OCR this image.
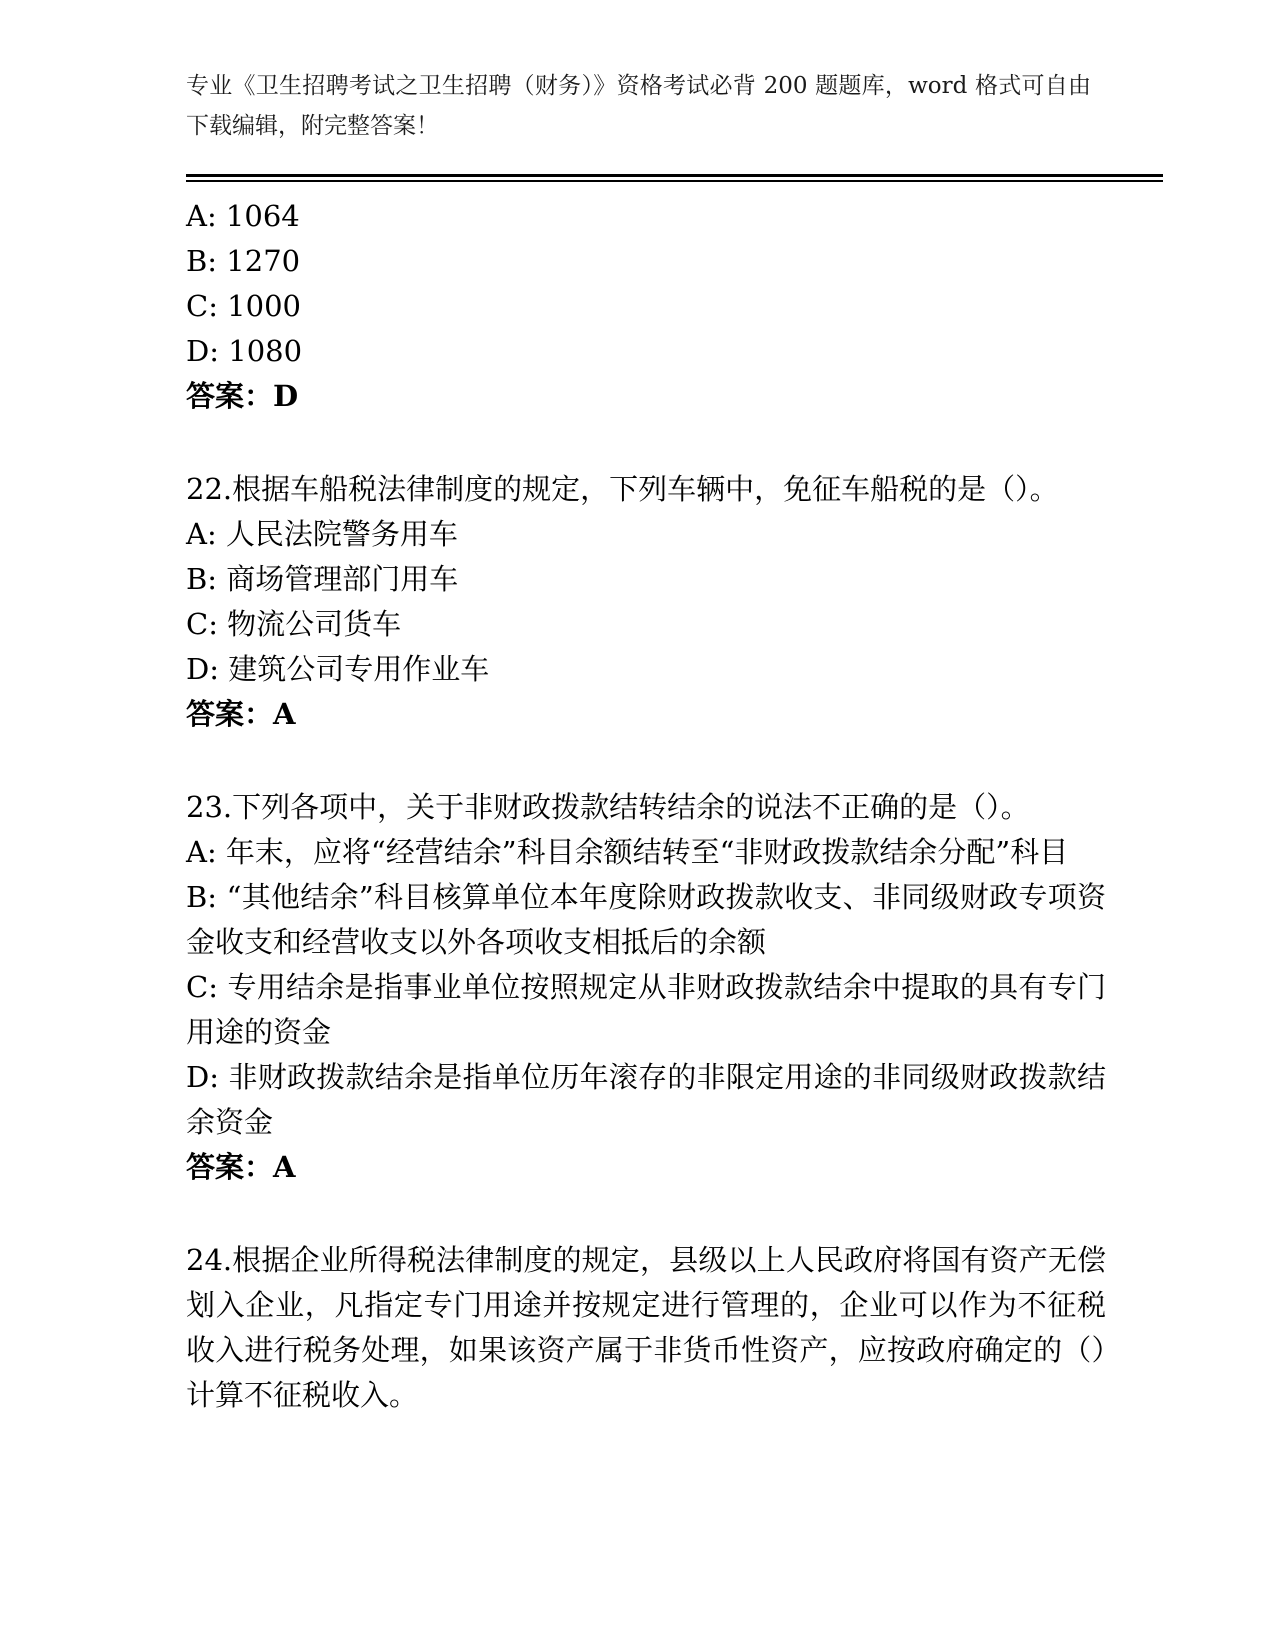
专业《卫生招聘考试之卫生招聘（财务）》资格考试必背 200 题题库，word 格式可自由下载编辑，附完整答案！

A: 1064

B: 1270

C: 1000

D: 1080

答案：D

22.根据车船税法律制度的规定，下列车辆中，免征车船税的是（）。

A: 人民法院警务用车

B: 商场管理部门用车

C: 物流公司货车

D: 建筑公司专用作业车

答案：A

23.下列各项中，关于非财政拨款结转结余的说法不正确的是（）。

A: 年末，应将“经营结余”科目余额结转至“非财政拨款结余分配”科目

B: “其他结余”科目核算单位本年度除财政拨款收支、非同级财政专项资金收支和经营收支以外各项收支相抵后的余额

C: 专用结余是指事业单位按照规定从非财政拨款结余中提取的具有专门用途的资金

D: 非财政拨款结余是指单位历年滚存的非限定用途的非同级财政拨款结余资金

答案：A

24.根据企业所得税法律制度的规定，县级以上人民政府将国有资产无偿划入企业，凡指定专门用途并按规定进行管理的，企业可以作为不征税收入进行税务处理，如果该资产属于非货币性资产，应按政府确定的（）计算不征税收入。
